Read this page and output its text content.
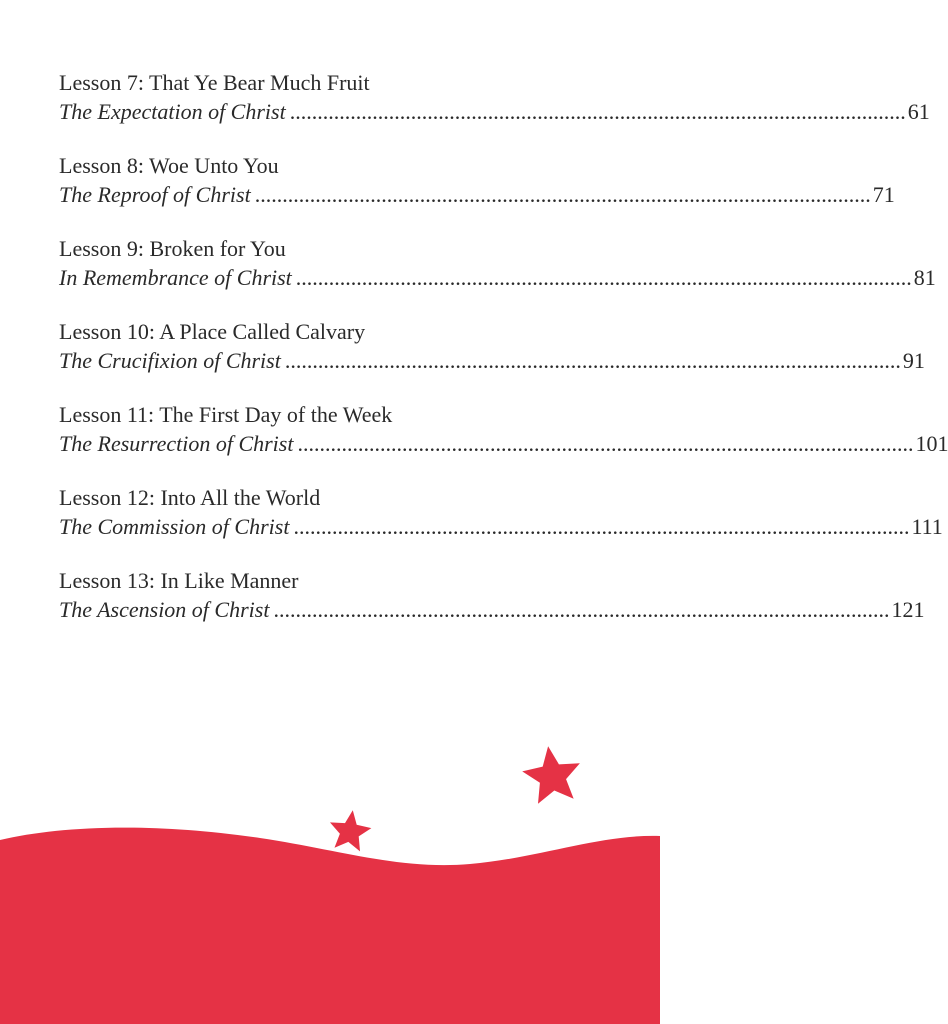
Lesson 7: That Ye Bear Much Fruit
The Expectation of Christ ................................................................................................................ 61
Lesson 8: Woe Unto You
The Reproof of Christ ................................................................................................................ 71
Lesson 9: Broken for You
In Remembrance of Christ ................................................................................................................ 81
Lesson 10: A Place Called Calvary
The Crucifixion of Christ ................................................................................................................ 91
Lesson 11: The First Day of the Week
The Resurrection of Christ ................................................................................................................ 101
Lesson 12: Into All the World
The Commission of Christ ................................................................................................................ 111
Lesson 13: In Like Manner
The Ascension of Christ ................................................................................................................ 121
